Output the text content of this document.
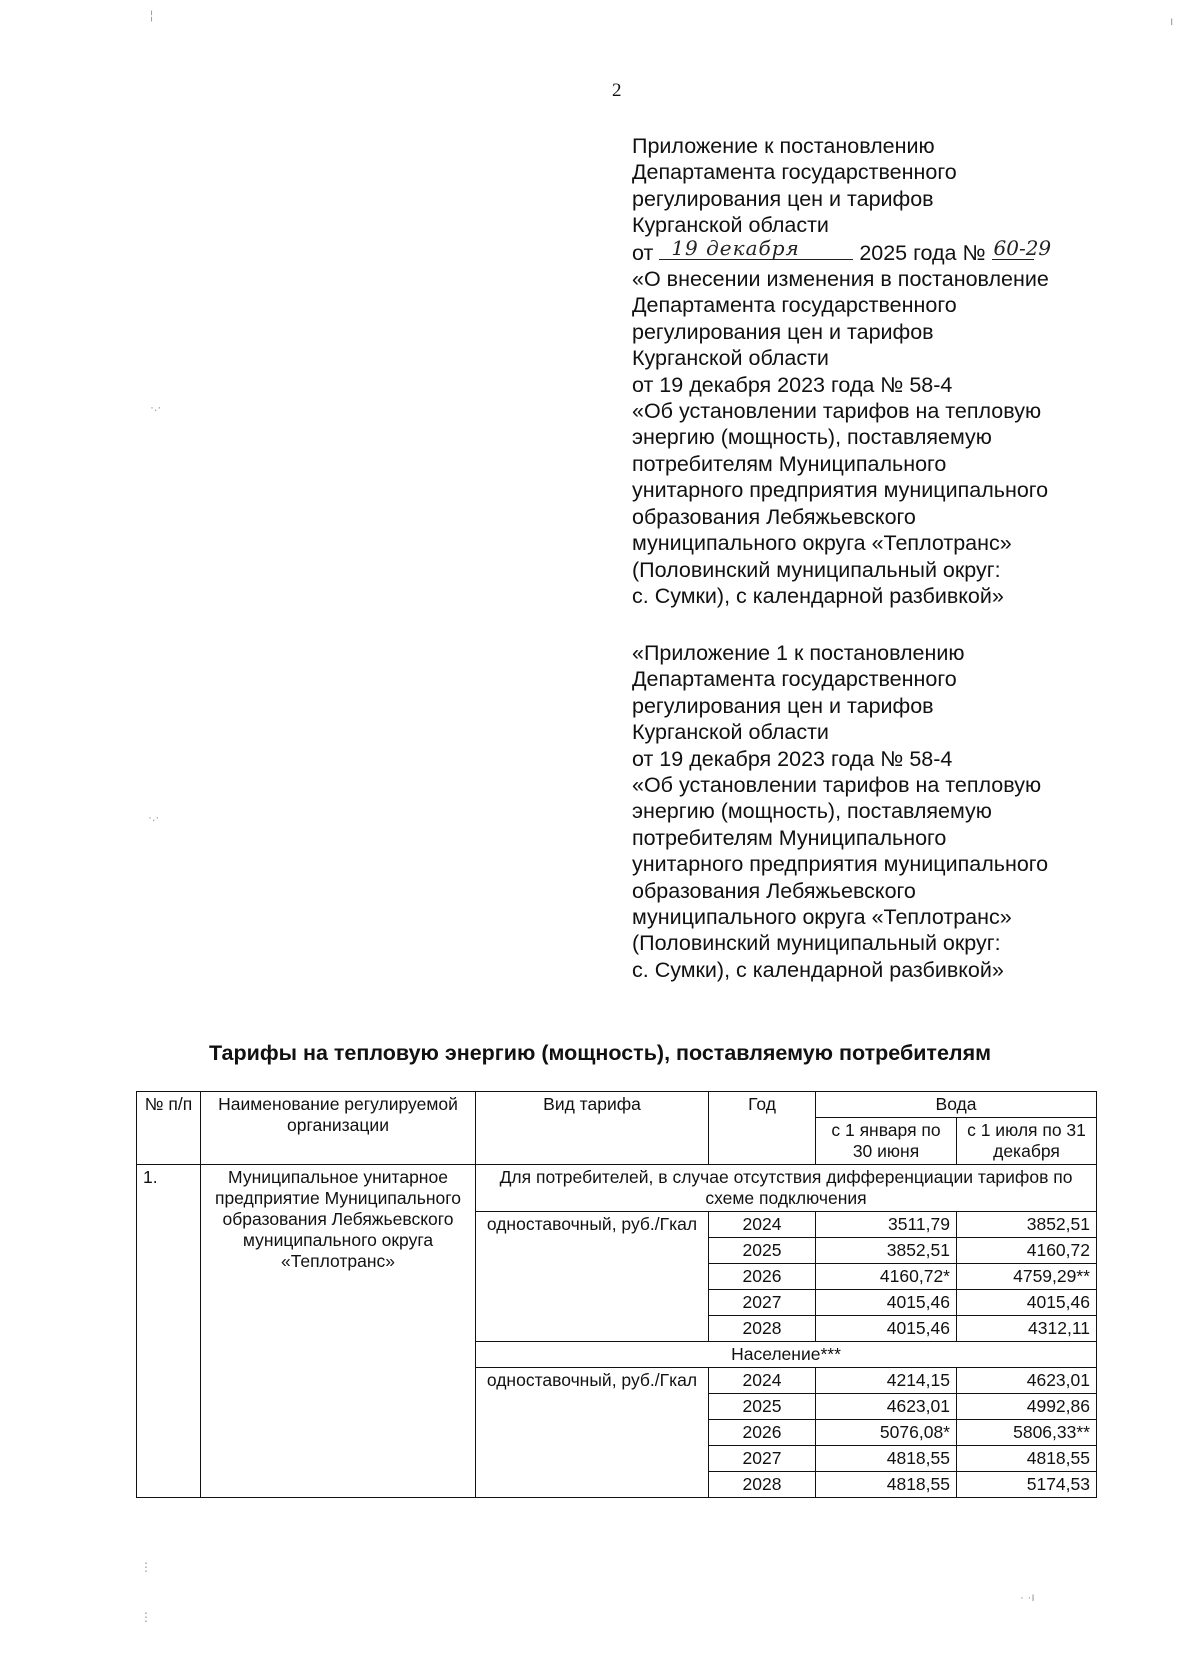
2
Приложение к постановлению
Департамента государственного
регулирования цен и тарифов
Курганской области
от 19 декабря	2025 года № 60-29
«О внесении изменения в постановление
Департамента государственного
регулирования цен и тарифов
Курганской области
от 19 декабря 2023 года № 58-4
«Об установлении тарифов на тепловую
энергию (мощность), поставляемую
потребителям Муниципального
унитарного предприятия муниципального
образования Лебяжьевского
муниципального округа «Теплотранс»
(Половинский муниципальный округ:
с. Сумки), с календарной разбивкой»
«Приложение 1 к постановлению
Департамента государственного
регулирования цен и тарифов
Курганской области
от 19 декабря 2023 года № 58-4
«Об установлении тарифов на тепловую
энергию (мощность), поставляемую
потребителям Муниципального
унитарного предприятия муниципального
образования Лебяжьевского
муниципального округа «Теплотранс»
(Половинский муниципальный округ:
с. Сумки), с календарной разбивкой»
Тарифы на тепловую энергию (мощность), поставляемую потребителям
№ п/п	Наименование регулируемой организации	Вид тарифа	Год	Вода	
				с 1 января по 30 июня	с 1 июля по 31 декабря
1.	Муниципальное унитарное предприятие Муниципального образования Лебяжьевского муниципального округа «Теплотранс»	Для потребителей, в случае отсутствия дифференциации тарифов по схеме подключения			
		одноставочный, руб./Гкал	2024	3511,79	3852,51
			2025	3852,51	4160,72
			2026	4160,72*	4759,29**
			2027	4015,46	4015,46
			2028	4015,46	4312,11
		Население***			
		одноставочный, руб./Гкал	2024	4214,15	4623,01
			2025	4623,01	4992,86
			2026	5076,08*	5806,33**
			2027	4818,55	4818,55
			2028	4818,55	5174,53
¦	ı
·.·
·.·
⋮
⋮
· ·ı
